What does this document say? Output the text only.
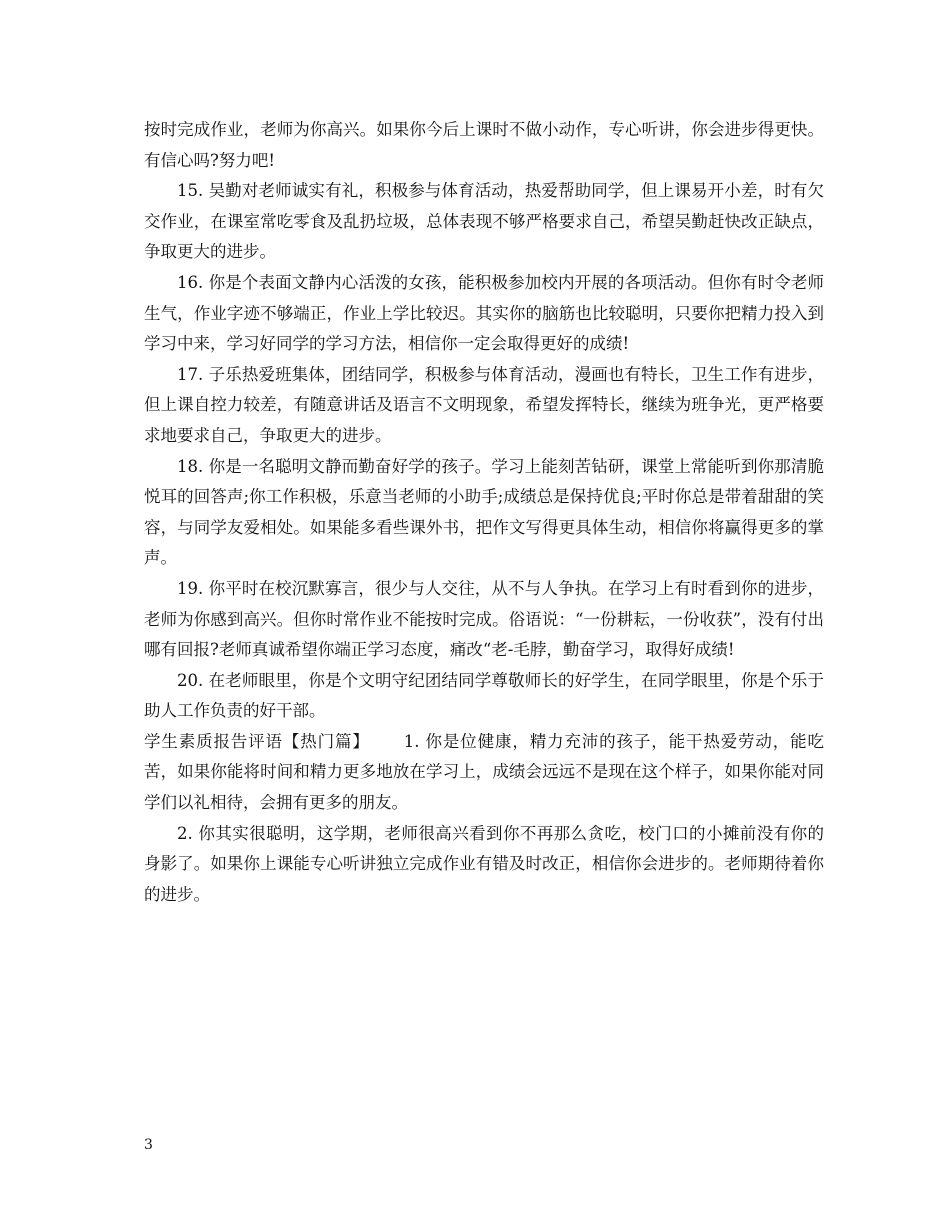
按时完成作业，老师为你高兴。如果你今后上课时不做小动作，专心听讲，你会进步得更快。有信心吗?努力吧!

15. 吴勤对老师诚实有礼，积极参与体育活动，热爱帮助同学，但上课易开小差，时有欠交作业，在课室常吃零食及乱扔垃圾，总体表现不够严格要求自己，希望吴勤赶快改正缺点，争取更大的进步。

16. 你是个表面文静内心活泼的女孩，能积极参加校内开展的各项活动。但你有时令老师生气，作业字迹不够端正，作业上学比较迟。其实你的脑筋也比较聪明，只要你把精力投入到学习中来，学习好同学的学习方法，相信你一定会取得更好的成绩!

17. 子乐热爱班集体，团结同学，积极参与体育活动，漫画也有特长，卫生工作有进步，但上课自控力较差，有随意讲话及语言不文明现象，希望发挥特长，继续为班争光，更严格要求地要求自己，争取更大的进步。

18. 你是一名聪明文静而勤奋好学的孩子。学习上能刻苦钻研，课堂上常能听到你那清脆悦耳的回答声;你工作积极，乐意当老师的小助手;成绩总是保持优良;平时你总是带着甜甜的笑容，与同学友爱相处。如果能多看些课外书，把作文写得更具体生动，相信你将赢得更多的掌声。

19. 你平时在校沉默寡言，很少与人交往，从不与人争执。在学习上有时看到你的进步，老师为你感到高兴。但你时常作业不能按时完成。俗语说：“一份耕耘，一份收获”，没有付出哪有回报?老师真诚希望你端正学习态度，痛改“老-毛脖，勤奋学习，取得好成绩!

20. 在老师眼里，你是个文明守纪团结同学尊敬师长的好学生，在同学眼里，你是个乐于助人工作负责的好干部。

学生素质报告评语【热门篇】 1. 你是位健康，精力充沛的孩子，能干热爱劳动，能吃苦，如果你能将时间和精力更多地放在学习上，成绩会远远不是现在这个样子，如果你能对同学们以礼相待，会拥有更多的朋友。

2. 你其实很聪明，这学期，老师很高兴看到你不再那么贪吃，校门口的小摊前没有你的身影了。如果你上课能专心听讲独立完成作业有错及时改正，相信你会进步的。老师期待着你的进步。

3
